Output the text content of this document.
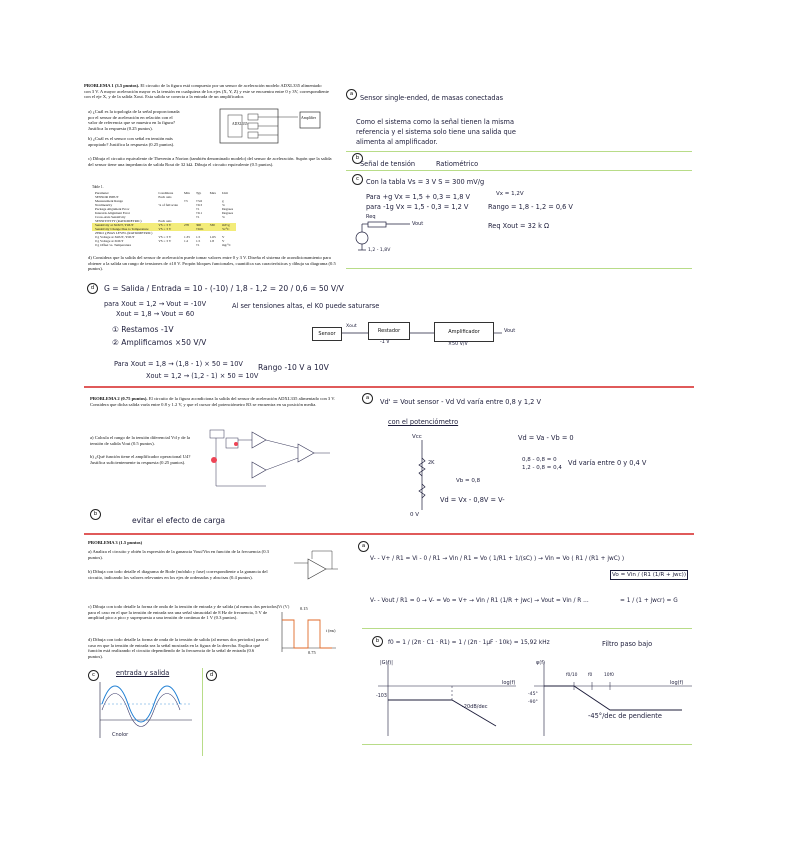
PROBLEMA 1 (3.5 puntos). El circuito de la figura está compuesto por un sensor de aceleración modelo ADXL335 alimentado con 3 V. A mayor aceleración mayor es la tensión en cualquiera de los ejes (X, Y, Z) y este se encuentra entre 0 y 3V, correspondiente con el eje X, y de la salida Xout. Esta salida se conecta a la entrada de un amplificador.
a) ¿Cuál es la topología de la señal proporcionada por el sensor de aceleración en relación con el valor de referencia que se muestra en la figura? Justifica la respuesta (0.25 puntos).
b) ¿Cuál es el sensor con señal en tensión más apropiado? Justifica la respuesta (0.25 puntos).
ADXL335
Amplifier
c) Dibuja el circuito equivalente de Thevenin a Norton (también denominado modelo) del sensor de aceleración. Supón que la salida del sensor tiene una impedancia de salida Rout de 32 kΩ. Dibuja el circuito equivalente (0.5 puntos).
Table 1.
Parameter	Conditions	Min	Typ	Max	Unit
SENSOR INPUT	Each axis				
Measurement Range		±3	±3.6		g
Nonlinearity	% of full scale		±0.3		%
Package Alignment Error			±1		Degrees
Interaxis Alignment Error			±0.1		Degrees
Cross-Axis Sensitivity			±1		%
SENSITIVITY (RATIOMETRIC)	Each axis				
Sensitivity at XOUT, YOUT	VS = 3 V	270	300	330	mV/g
Sensitivity Change Due to Temperature	VS = 3 V		±0.01		%/°C
ZERO g BIAS LEVEL (RATIOMETRIC)					
0 g Voltage at XOUT, YOUT	VS = 3 V	1.35	1.5	1.65	V
0 g Voltage at ZOUT	VS = 3 V	1.2	1.5	1.8	V
0 g Offset vs. Temperature			±1		mg/°C
d) Considera que la salida del sensor de aceleración puede tomar valores entre 0 y 3 V. Diseña el sistema de acondicionamiento para obtener a la salida un rango de tensiones de ±10 V. Propón bloques funcionales, cuantifica sus características y dibuja su diagrama (0.5 puntos).
a	Sensor single-ended, de masas conectadas
Como el sistema como la señal tienen la misma
referencia y el sistema solo tiene una salida que
alimenta al amplificador.
b
Señal de tensión	Ratiométrico
c	Con la tabla Vs = 3 V S = 300 mV/g
Para +g Vx = 1,5 + 0,3 = 1,8 V
para -1g Vx = 1,5 - 0,3 = 1,2 V	Rango = 1,8 - 1,2 = 0,6 V
Vx = 1,2V
Req Xout = 32 k Ω
Req
Vout
1,2 - 1,8V
d	G = Salida / Entrada = 10 - (-10) / 1,8 - 1,2 = 20 / 0,6 = 50 V/V
para Xout = 1,2 → Vout = -10V
Xout = 1,8 → Vout = 60
Al ser tensiones altas, el K0 puede saturarse
① Restamos -1V
② Amplificamos ×50 V/V
Para Xout = 1,8 → (1,8 - 1) × 50 = 10V
Xout = 1,2 → (1,2 - 1) × 50 = 10V
Rango -10 V a 10V
Sensor
Xout
Restador
-1 V
Amplificador
×50 V/V
Vout
PROBLEMA 2 (0.75 puntos). El circuito de la figura acondiciona la salida del sensor de aceleración ADXL335 alimentado con 3 V. Considera que dicha salida varía entre 0.8 y 1.2 V, y que el cursor del potenciómetro R3 se encuentra en su posición media.
a) Calcula el rango de la tensión diferencial Vd y de la tensión de salida Vout (0.5 puntos).
b) ¿Qué función tiene el amplificador operacional U4? Justifica suficientemente tu respuesta (0.25 puntos).
a	Vd' = Vout sensor - Vd Vd varía entre 0,8 y 1,2 V
con el potenciómetro
Vcc	Vd = Va - Vb = 0
0,8 - 0,8 = 0
1,2 - 0,8 = 0,4
Vd varía entre 0 y 0,4 V
Vb = 0,8
Vd = Vx - 0,8V = V-
0 V
2K
b
evitar el efecto de carga
PROBLEMA 3 (1.5 puntos)
a) Analiza el circuito y obtén la expresión de la ganancia Vout/Vin en función de la frecuencia (0.3 puntos).
b) Dibuja con todo detalle el diagrama de Bode (módulo y fase) correspondiente a la ganancia del circuito, indicando los valores relevantes en los ejes de ordenadas y abscisas (0.4 puntos).
c) Dibuja con todo detalle la forma de onda de la tensión de entrada y de salida (al menos dos periodos) para el caso en el que la tensión de entrada sea una señal sinusoidal de 8 Hz de frecuencia, 5 V de amplitud pico a pico y superpuesta a una tensión de continua de 1 V (0.3 puntos).
d) Dibuja con todo detalle la forma de onda de la tensión de salida (al menos dos periodos) para el caso en que la tensión de entrada sea la señal mostrada en la figura de la derecha. Explica qué función está realizando el circuito dependiendo de la frecuencia de la señal de entrada (0.6 puntos).
Vi (V) 0.15
0.75
t (ms)
c	entrada y salida
Cnolor
d
a
V- - V+ / R1 = Vi - 0 / R1 → Vin / R1 = Vo ( 1/R1 + 1/(sC) ) → Vin = Vo ( R1 / (R1 + jwC) )
Vo = Vin / (R1 (1/R + jwc))
V- - Vout / R1 = 0 → V- = Vo = V+ → Vin / R1 (1/R + jwc) → Vout = Vin / R ...	= 1 / (1 + jwcr) = G
b	f0 = 1 / (2π · C1 · R1) = 1 / (2π · 1μF · 10k) = 15,92 kHz	Filtro paso bajo
|G(f)|
-20dB/dec
-103
log(f)
φ(f)
-45°
-90°
-45°/dec de pendiente
f0/10 f0	10f0
log(f)
